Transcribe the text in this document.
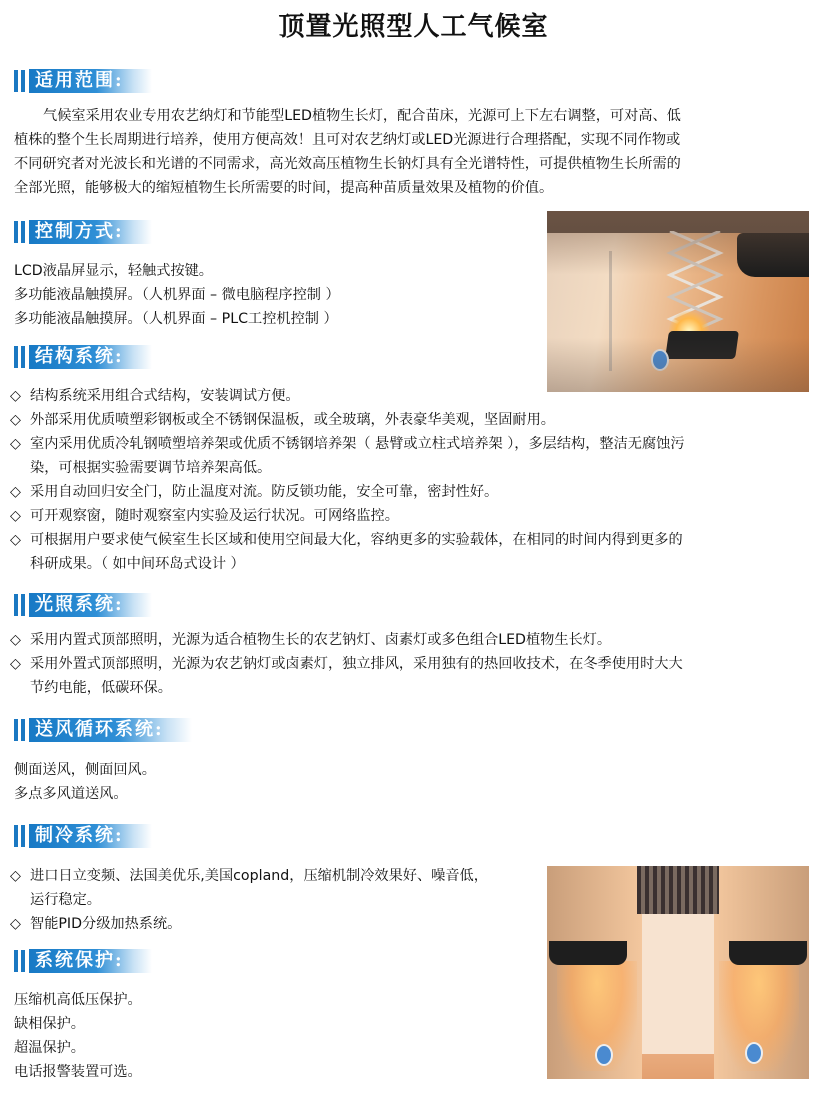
顶置光照型人工气候室
适用范围:
气候室采用农业专用农艺纳灯和节能型LED植物生长灯，配合苗床，光源可上下左右调整，可对高、低
植株的整个生长周期进行培养，使用方便高效！且可对农艺纳灯或LED光源进行合理搭配，实现不同作物或
不同研究者对光波长和光谱的不同需求，高光效高压植物生长钠灯具有全光谱特性，可提供植物生长所需的
全部光照，能够极大的缩短植物生长所需要的时间，提高种苗质量效果及植物的价值。
控制方式:
LCD液晶屏显示，轻触式按键。
多功能液晶触摸屏。（人机界面 – 微电脑程序控制 ）
多功能液晶触摸屏。（人机界面 – PLC工控机控制 ）
结构系统:
◇ 结构系统采用组合式结构，安装调试方便。
◇ 外部采用优质喷塑彩钢板或全不锈钢保温板，或全玻璃，外表豪华美观，坚固耐用。
◇ 室内采用优质冷轧钢喷塑培养架或优质不锈钢培养架（ 悬臂或立柱式培养架 ），多层结构，整洁无腐蚀污
染，可根据实验需要调节培养架高低。
◇ 采用自动回归安全门，防止温度对流。防反锁功能，安全可靠，密封性好。
◇ 可开观察窗，随时观察室内实验及运行状况。可网络监控。
◇ 可根据用户要求使气候室生长区域和使用空间最大化，容纳更多的实验载体，在相同的时间内得到更多的
科研成果。（ 如中间环岛式设计 ）
光照系统:
◇ 采用内置式顶部照明，光源为适合植物生长的农艺钠灯、卤素灯或多色组合LED植物生长灯。
◇ 采用外置式顶部照明，光源为农艺钠灯或卤素灯，独立排风，采用独有的热回收技术，在冬季使用时大大
节约电能，低碳环保。
送风循环系统:
侧面送风，侧面回风。
多点多风道送风。
制冷系统:
◇ 进口日立变频、法国美优乐,美国copland，压缩机制冷效果好、噪音低，
运行稳定。
◇ 智能PID分级加热系统。
系统保护:
压缩机高低压保护。
缺相保护。
超温保护。
电话报警装置可选。
